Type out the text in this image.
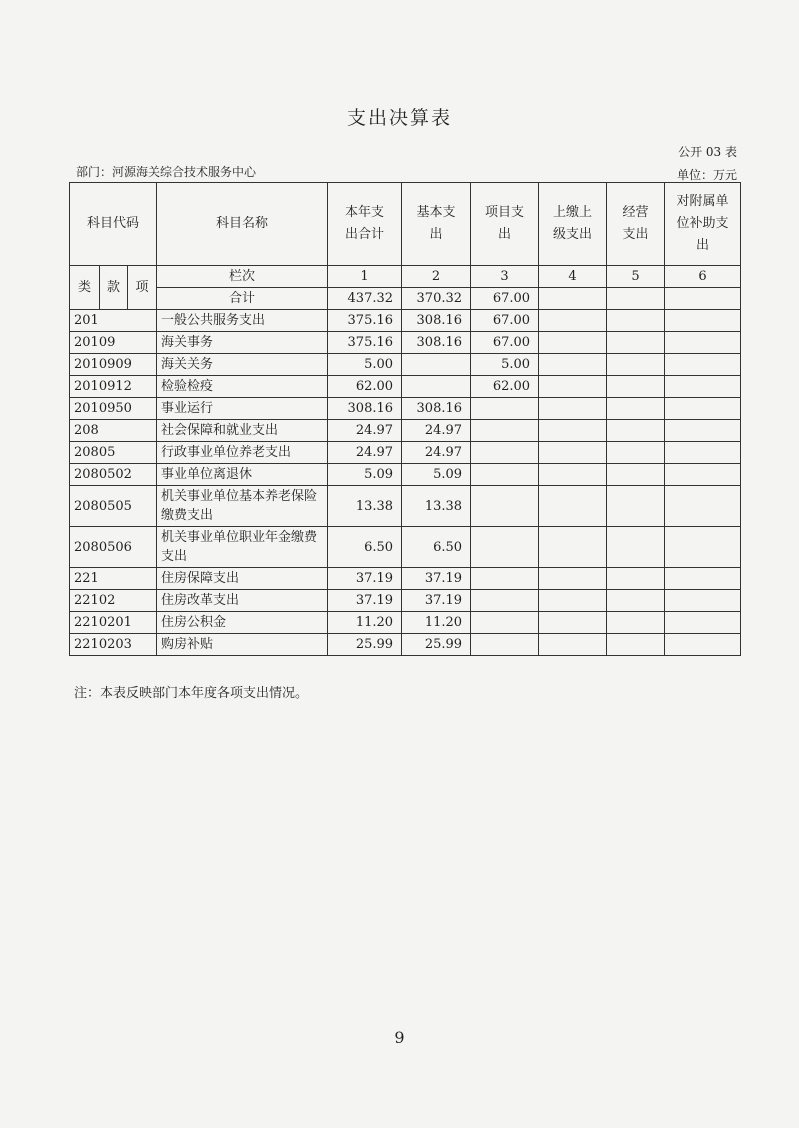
支出决算表
公开 03 表
部门：河源海关综合技术服务中心	单位：万元
科目代码			科目名称	本年支出合计	基本支出	项目支出	上缴上级支出	经营支出	对附属单位补助支出
类	款	项	栏次	1	2	3	4	5	6
			合计	437.32	370.32	67.00			
201			一般公共服务支出	375.16	308.16	67.00			
20109			海关事务	375.16	308.16	67.00			
2010909			海关关务	5.00		5.00			
2010912			检验检疫	62.00		62.00			
2010950			事业运行	308.16	308.16				
208			社会保障和就业支出	24.97	24.97				
20805			行政事业单位养老支出	24.97	24.97				
2080502			事业单位离退休	5.09	5.09				
2080505			机关事业单位基本养老保险缴费支出	13.38	13.38				
2080506			机关事业单位职业年金缴费支出	6.50	6.50				
221			住房保障支出	37.19	37.19				
22102			住房改革支出	37.19	37.19				
2210201			住房公积金	11.20	11.20				
2210203			购房补贴	25.99	25.99				
注：本表反映部门本年度各项支出情况。
9
